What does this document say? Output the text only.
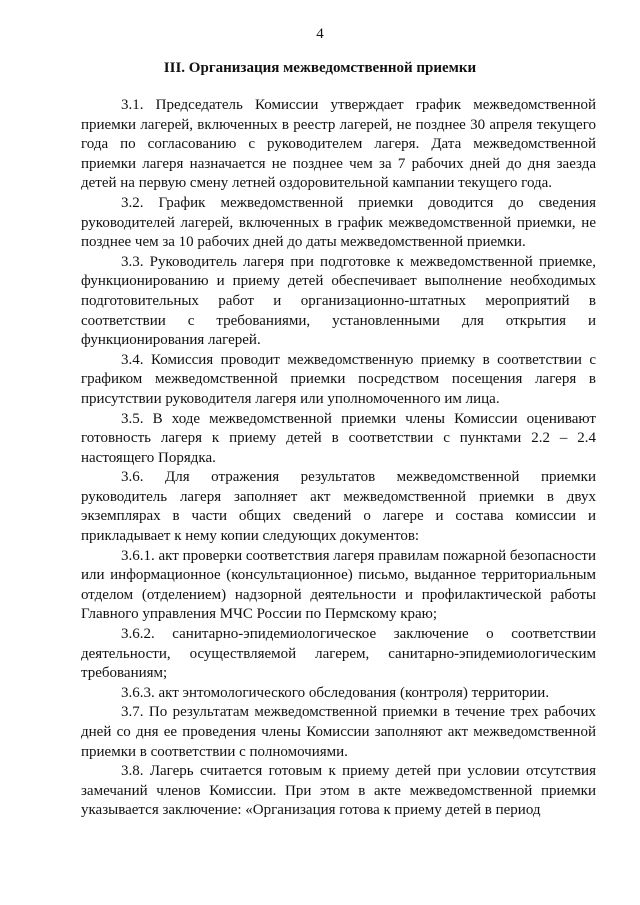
4
III. Организация межведомственной приемки

3.1. Председатель Комиссии утверждает график межведомственной приемки лагерей, включенных в реестр лагерей, не позднее 30 апреля текущего года по согласованию с руководителем лагеря. Дата межведомственной приемки лагеря назначается не позднее чем за 7 рабочих дней до дня заезда детей на первую смену летней оздоровительной кампании текущего года.

3.2. График межведомственной приемки доводится до сведения руководителей лагерей, включенных в график межведомственной приемки, не позднее чем за 10 рабочих дней до даты межведомственной приемки.

3.3. Руководитель лагеря при подготовке к межведомственной приемке, функционированию и приему детей обеспечивает выполнение необходимых подготовительных работ и организационно-штатных мероприятий в соответствии с требованиями, установленными для открытия и функционирования лагерей.

3.4. Комиссия проводит межведомственную приемку в соответствии с графиком межведомственной приемки посредством посещения лагеря в присутствии руководителя лагеря или уполномоченного им лица.

3.5. В ходе межведомственной приемки члены Комиссии оценивают готовность лагеря к приему детей в соответствии с пунктами 2.2 – 2.4 настоящего Порядка.

3.6. Для отражения результатов межведомственной приемки руководитель лагеря заполняет акт межведомственной приемки в двух экземплярах в части общих сведений о лагере и состава комиссии и прикладывает к нему копии следующих документов:

3.6.1. акт проверки соответствия лагеря правилам пожарной безопасности или информационное (консультационное) письмо, выданное территориальным отделом (отделением) надзорной деятельности и профилактической работы Главного управления МЧС России по Пермскому краю;

3.6.2. санитарно-эпидемиологическое заключение о соответствии деятельности, осуществляемой лагерем, санитарно-эпидемиологическим требованиям;

3.6.3. акт энтомологического обследования (контроля) территории.

3.7. По результатам межведомственной приемки в течение трех рабочих дней со дня ее проведения члены Комиссии заполняют акт межведомственной приемки в соответствии с полномочиями.

3.8. Лагерь считается готовым к приему детей при условии отсутствия замечаний членов Комиссии. При этом в акте межведомственной приемки указывается заключение: «Организация готова к приему детей в период
